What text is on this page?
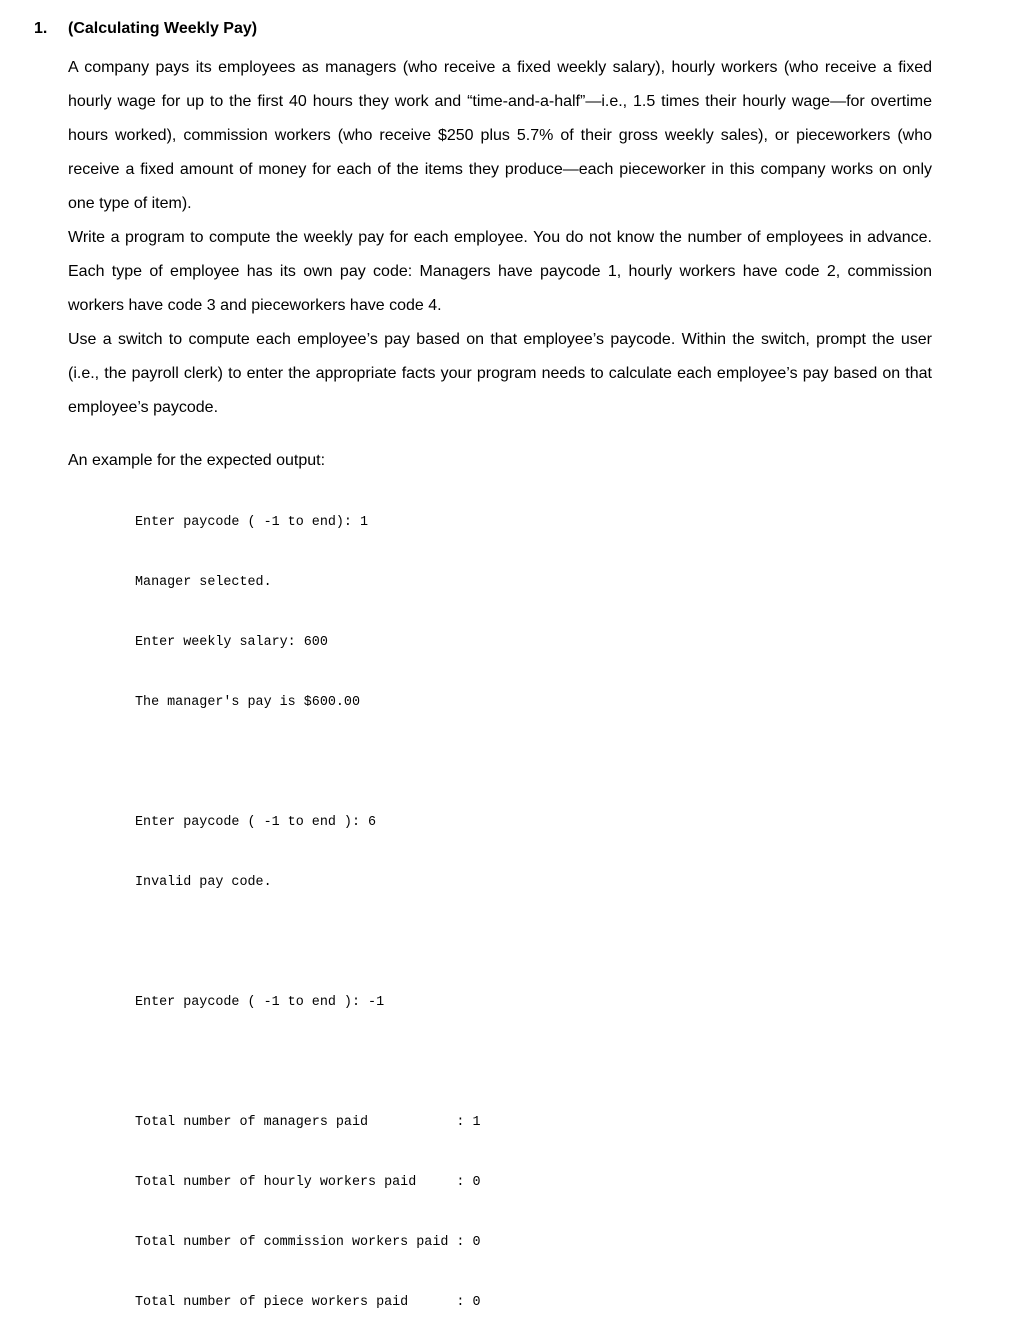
1. (Calculating Weekly Pay)

A company pays its employees as managers (who receive a fixed weekly salary), hourly workers (who receive a fixed hourly wage for up to the first 40 hours they work and “time-and-a-half”—i.e., 1.5 times their hourly wage—for overtime hours worked), commission workers (who receive $250 plus 5.7% of their gross weekly sales), or pieceworkers (who receive a fixed amount of money for each of the items they produce—each pieceworker in this company works on only one type of item).

Write a program to compute the weekly pay for each employee. You do not know the number of employees in advance. Each type of employee has its own pay code: Managers have paycode 1, hourly workers have code 2, commission workers have code 3 and pieceworkers have code 4.

Use a switch to compute each employee’s pay based on that employee’s paycode. Within the switch, prompt the user (i.e., the payroll clerk) to enter the appropriate facts your program needs to calculate each employee’s pay based on that employee’s paycode.

An example for the expected output:

Enter paycode ( -1 to end): 1

Manager selected.

Enter weekly salary: 600

The manager's pay is $600.00

Enter paycode ( -1 to end ): 6

Invalid pay code.

Enter paycode ( -1 to end ): -1

Total number of managers paid           : 1

Total number of hourly workers paid     : 0

Total number of commission workers paid : 0

Total number of piece workers paid      : 0
